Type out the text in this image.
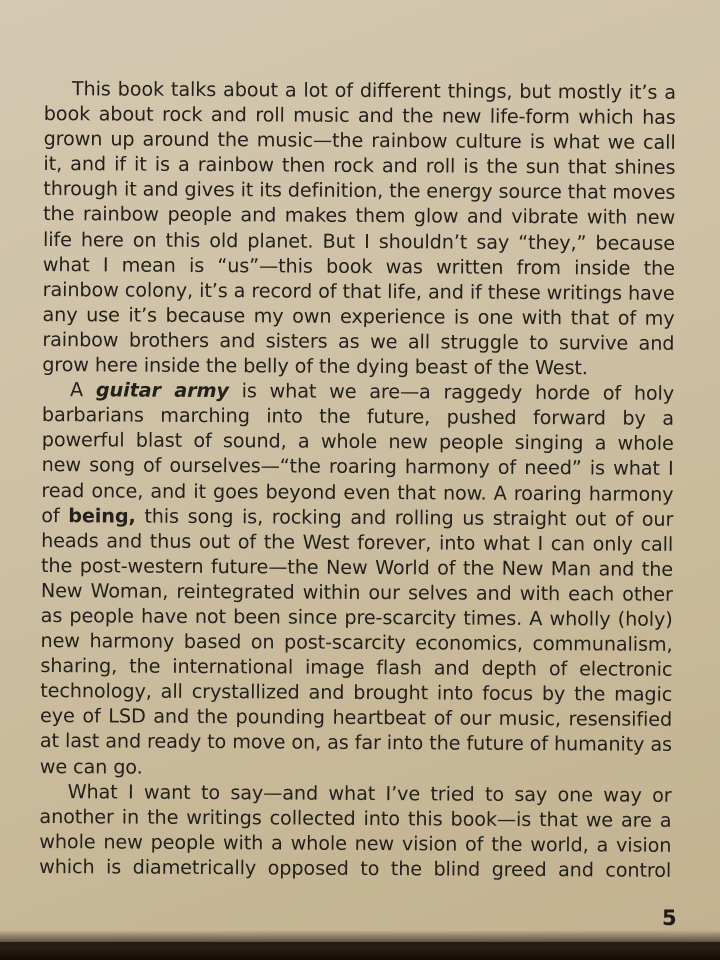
This book talks about a lot of different things, but mostly it’s a
book about rock and roll music and the new life-form which has
grown up around the music—the rainbow culture is what we call
it, and if it is a rainbow then rock and roll is the sun that shines
through it and gives it its definition, the energy source that moves
the rainbow people and makes them glow and vibrate with new
life here on this old planet. But I shouldn’t say “they,” because
what I mean is “us”—this book was written from inside the
rainbow colony, it’s a record of that life, and if these writings have
any use it’s because my own experience is one with that of my
rainbow brothers and sisters as we all struggle to survive and
grow here inside the belly of the dying beast of the West.
A guitar army is what we are—a raggedy horde of holy
barbarians marching into the future, pushed forward by a
powerful blast of sound, a whole new people singing a whole
new song of ourselves—“the roaring harmony of need” is what I
read once, and it goes beyond even that now. A roaring harmony
of being, this song is, rocking and rolling us straight out of our
heads and thus out of the West forever, into what I can only call
the post-western future—the New World of the New Man and the
New Woman, reintegrated within our selves and with each other
as people have not been since pre-scarcity times. A wholly (holy)
new harmony based on post-scarcity economics, communalism,
sharing, the international image flash and depth of electronic
technology, all crystallized and brought into focus by the magic
eye of LSD and the pounding heartbeat of our music, resensified
at last and ready to move on, as far into the future of humanity as
we can go.
What I want to say—and what I’ve tried to say one way or
another in the writings collected into this book—is that we are a
whole new people with a whole new vision of the world, a vision
which is diametrically opposed to the blind greed and control
5
